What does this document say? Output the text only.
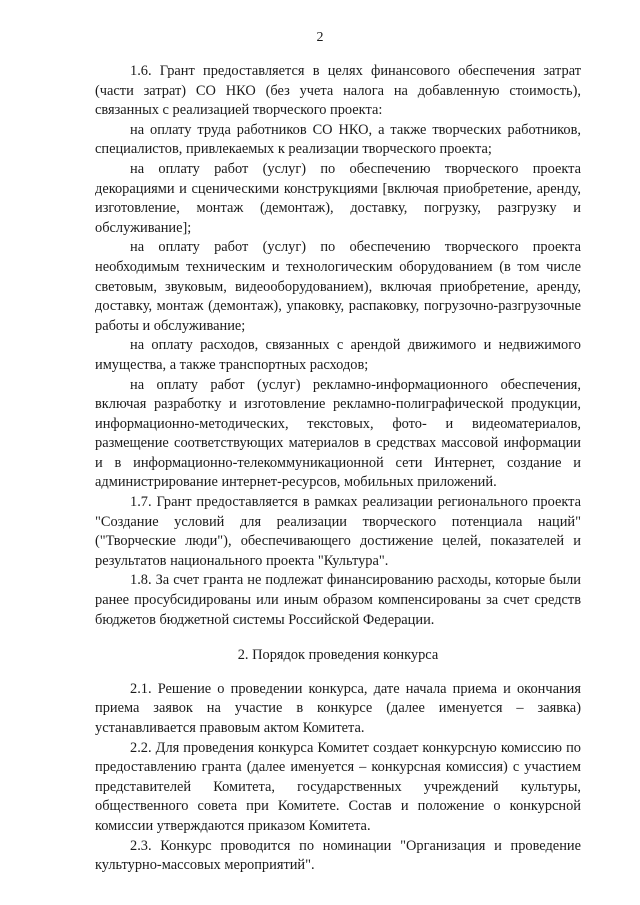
2

1.6. Грант предоставляется в целях финансового обеспечения затрат (части затрат) СО НКО (без учета налога на добавленную стоимость), связанных с реализацией творческого проекта:

на оплату труда работников СО НКО, а также творческих работников, специалистов, привлекаемых к реализации творческого проекта;

на оплату работ (услуг) по обеспечению творческого проекта декорациями и сценическими конструкциями [включая приобретение, аренду, изготовление, монтаж (демонтаж), доставку, погрузку, разгрузку и обслуживание];

на оплату работ (услуг) по обеспечению творческого проекта необходимым техническим и технологическим оборудованием (в том числе световым, звуковым, видеооборудованием), включая приобретение, аренду, доставку, монтаж (демонтаж), упаковку, распаковку, погрузочно-разгрузочные работы и обслуживание;

на оплату расходов, связанных с арендой движимого и недвижимого имущества, а также транспортных расходов;

на оплату работ (услуг) рекламно-информационного обеспечения, включая разработку и изготовление рекламно-полиграфической продукции, информационно-методических, текстовых, фото- и видеоматериалов, размещение соответствующих материалов в средствах массовой информации и в информационно-телекоммуникационной сети Интернет, создание и администрирование интернет-ресурсов, мобильных приложений.

1.7. Грант предоставляется в рамках реализации регионального проекта "Создание условий для реализации творческого потенциала наций" ("Творческие люди"), обеспечивающего достижение целей, показателей и результатов национального проекта "Культура".

1.8. За счет гранта не подлежат финансированию расходы, которые были ранее просубсидированы или иным образом компенсированы за счет средств бюджетов бюджетной системы Российской Федерации.

2. Порядок проведения конкурса

2.1. Решение о проведении конкурса, дате начала приема и окончания приема заявок на участие в конкурсе (далее именуется – заявка) устанавливается правовым актом Комитета.

2.2. Для проведения конкурса Комитет создает конкурсную комиссию по предоставлению гранта (далее именуется – конкурсная комиссия) с участием представителей Комитета, государственных учреждений культуры, общественного совета при Комитете. Состав и положение о конкурсной комиссии утверждаются приказом Комитета.

2.3. Конкурс проводится по номинации "Организация и проведение культурно-массовых мероприятий".
